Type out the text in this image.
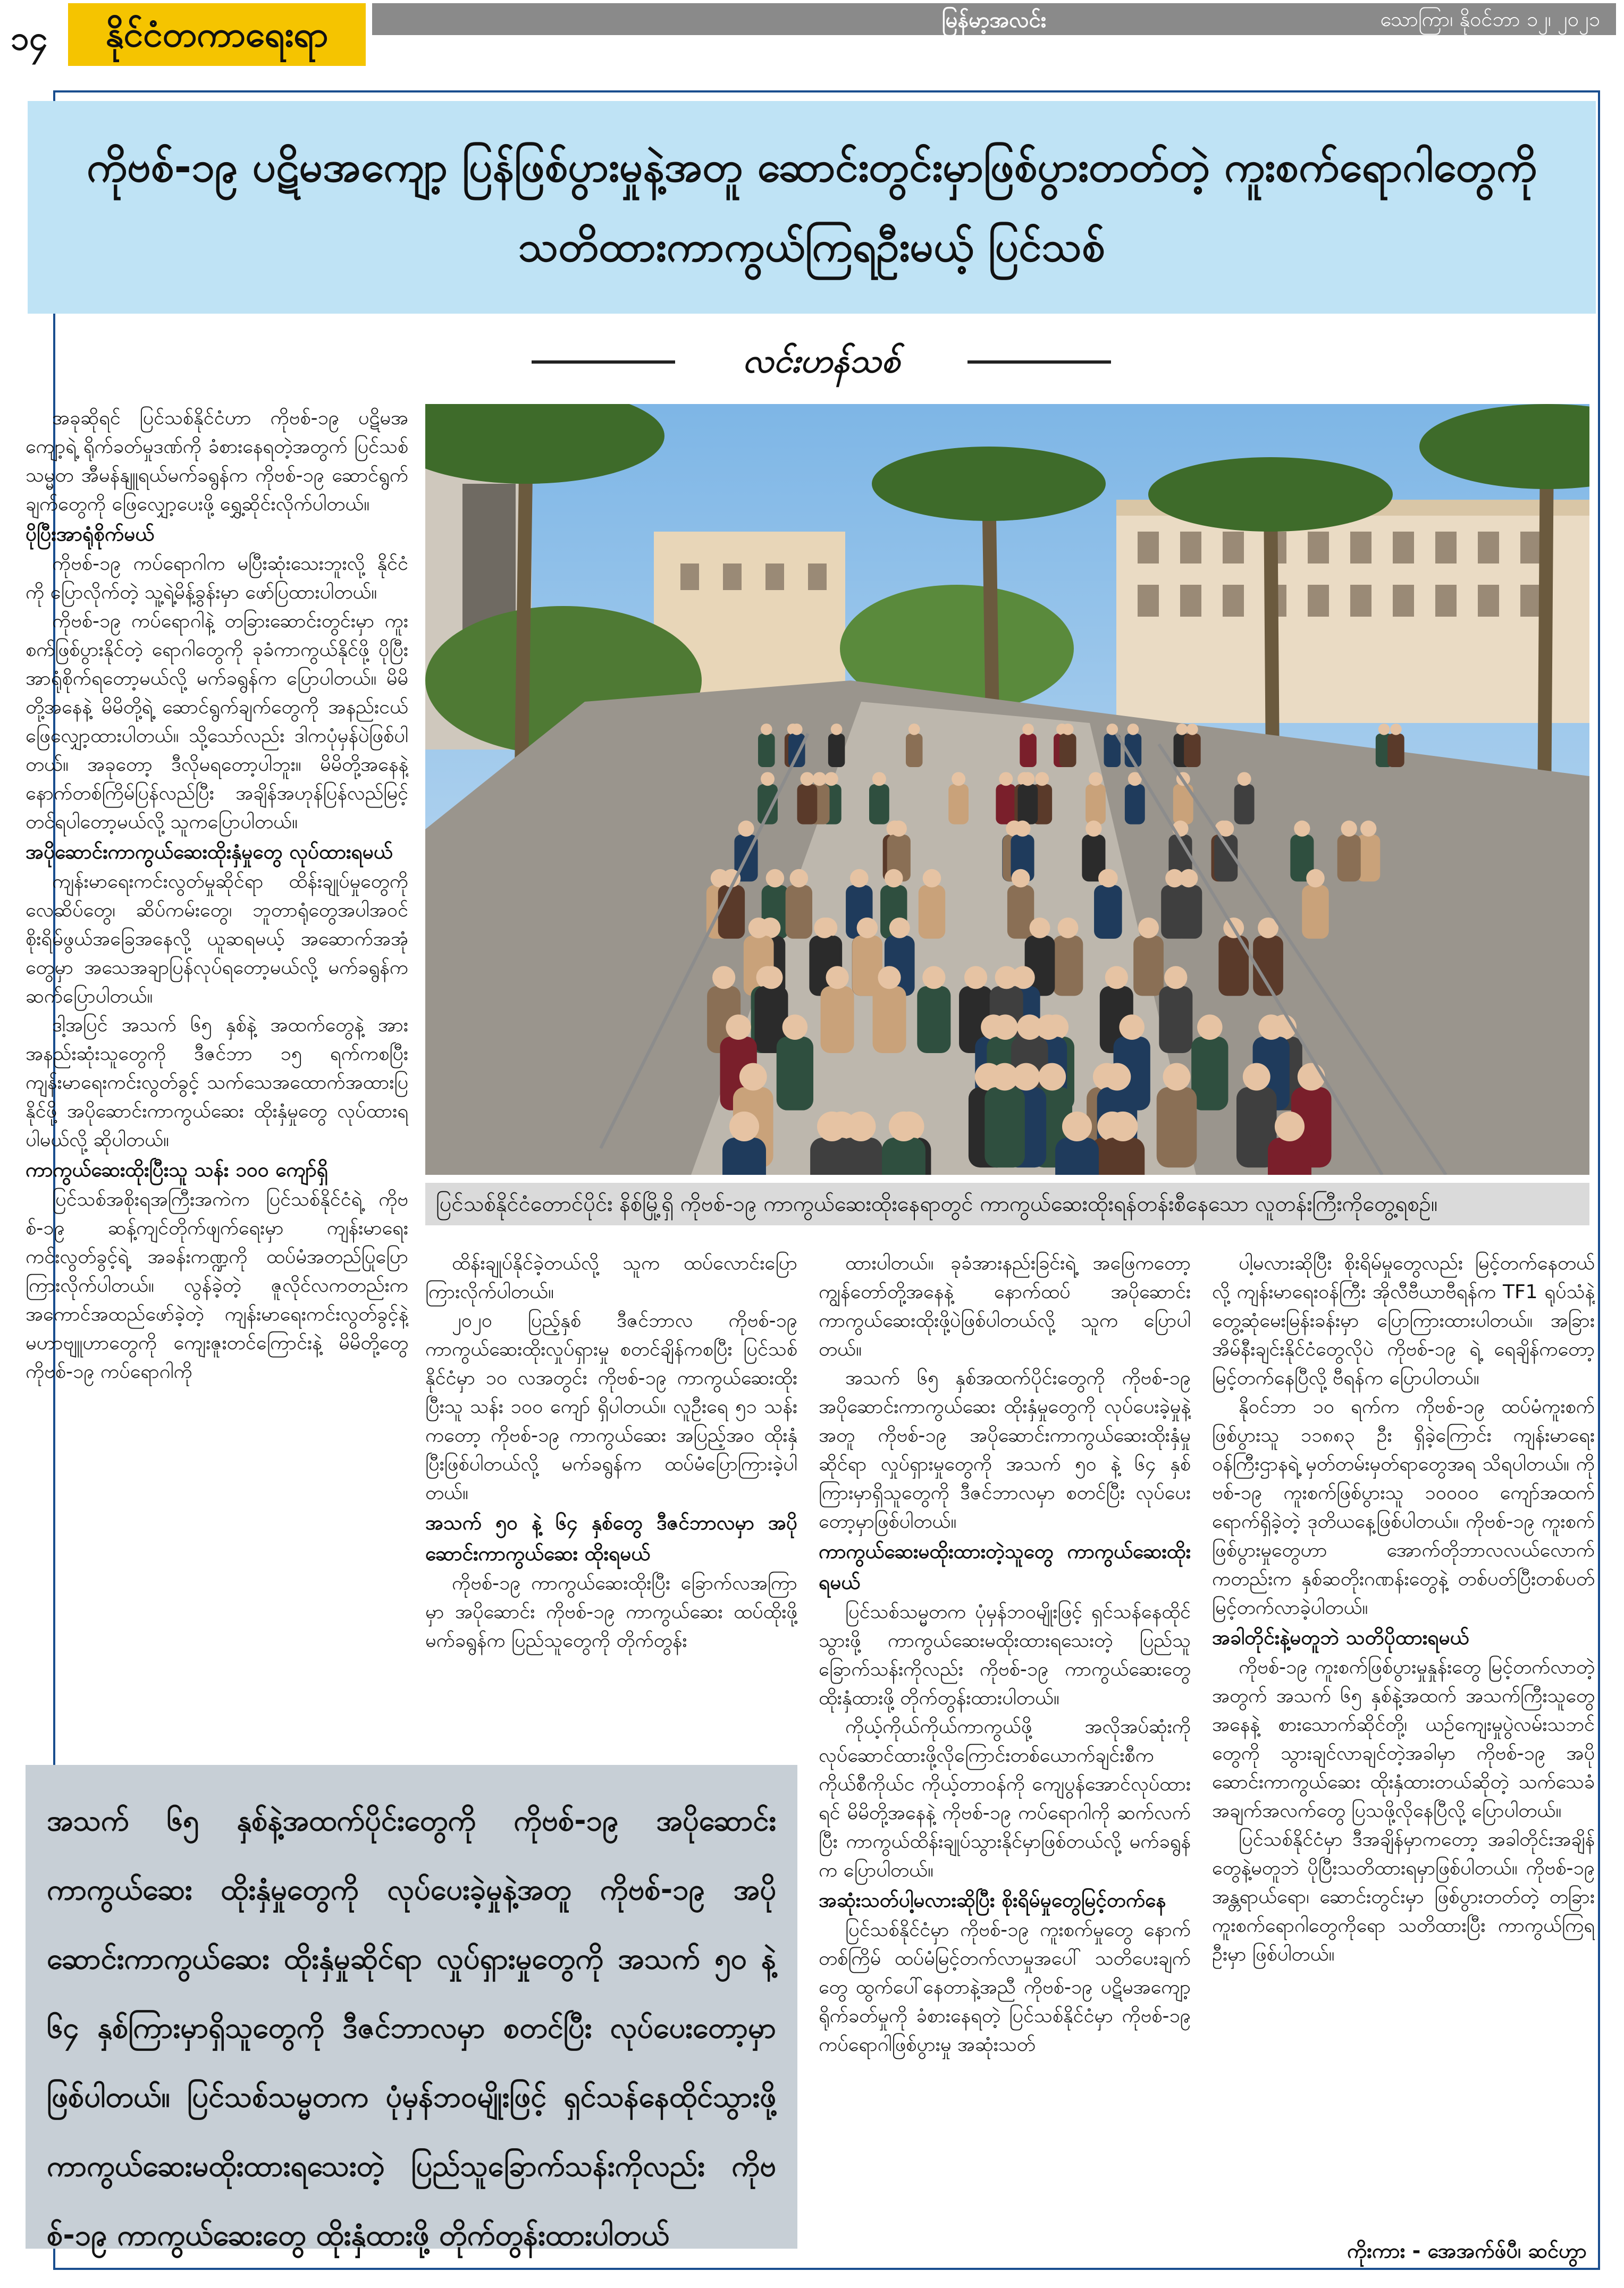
၁၄	နိုင်ငံတကာရေးရာ	မြန်မာ့အလင်း	သောကြာ၊ နိုဝင်ဘာ ၁၂၊ ၂၀၂၁
ကိုဗစ်-၁၉ ပဋိမအကျော့ ပြန်ဖြစ်ပွားမှုနဲ့အတူ ဆောင်းတွင်းမှာဖြစ်ပွားတတ်တဲ့ ကူးစက်ရောဂါတွေကို
သတိထားကာကွယ်ကြရဦးမယ့် ပြင်သစ်
လင်းဟန်သစ်
ပြင်သစ်နိုင်ငံတောင်ပိုင်း နိစ်မြို့ရှိ ကိုဗစ်-၁၉ ကာကွယ်ဆေးထိုးနေရာတွင် ကာကွယ်ဆေးထိုးရန်တန်းစီနေသော လူတန်းကြီးကိုတွေ့ရစဉ်။

အခုဆိုရင် ပြင်သစ်နိုင်ငံဟာ ကိုဗစ်-၁၉ ပဋိမအကျော့ရဲ့ ရိုက်ခတ်မှုဒဏ်ကို ခံစားနေရတဲ့အတွက် ပြင်သစ်သမ္မတ အီမန်နျူရယ်မက်ခရွန်က ကိုဗစ်-၁၉ ဆောင်ရွက်ချက်တွေကို ဖြေလျှော့ပေးဖို့ ရွှေ့ဆိုင်းလိုက်ပါတယ်။

ပိုပြီးအာရုံစိုက်မယ်

ကိုဗစ်-၁၉ ကပ်ရောဂါက မပြီးဆုံးသေးဘူးလို့ နိုင်ငံကို ပြောလိုက်တဲ့ သူ့ရဲ့မိန့်ခွန်းမှာ ဖော်ပြထားပါတယ်။

ကိုဗစ်-၁၉ ကပ်ရောဂါနဲ့ တခြားဆောင်းတွင်းမှာ ကူးစက်ဖြစ်ပွားနိုင်တဲ့ ရောဂါတွေကို ခုခံကာကွယ်နိုင်ဖို့ ပိုပြီး အာရုံစိုက်ရတော့မယ်လို့ မက်ခရွန်က ပြောပါတယ်။ မိမိတို့အနေနဲ့ မိမိတို့ရဲ့ ဆောင်ရွက်ချက်တွေကို အနည်းငယ်ဖြေလျှော့ထားပါတယ်။ သို့သော်လည်း ဒါကပုံမှန်ပဲဖြစ်ပါတယ်။ အခုတော့ ဒီလိုမရတော့ပါဘူး။ မိမိတို့အနေနဲ့ နောက်တစ်ကြိမ်ပြန်လည်ပြီး အချိန်အဟုန်ပြန်လည်မြင့်တင်ရပါတော့မယ်လို့ သူကပြောပါတယ်။

အပိုဆောင်းကာကွယ်ဆေးထိုးနှံမှုတွေ လုပ်ထားရမယ်

ကျန်းမာရေးကင်းလွတ်မှုဆိုင်ရာ ထိန်းချုပ်မှုတွေကို လေဆိပ်တွေ၊ ဆိပ်ကမ်းတွေ၊ ဘူတာရုံတွေအပါအဝင် စိုးရိမ်ဖွယ်အခြေအနေလို့ ယူဆရမယ့် အဆောက်အအုံတွေမှာ အသေအချာပြန်လုပ်ရတော့မယ်လို့ မက်ခရွန်က ဆက်ပြောပါတယ်။

ဒါ့အပြင် အသက် ၆၅ နှစ်နဲ့ အထက်တွေနဲ့ အားအနည်းဆုံးသူတွေကို ဒီဇင်ဘာ ၁၅ ရက်ကစပြီး ကျန်းမာရေးကင်းလွတ်ခွင့် သက်သေအထောက်အထားပြနိုင်ဖို့ အပိုဆောင်းကာကွယ်ဆေး ထိုးနှံမှုတွေ လုပ်ထားရပါမယ်လို့ ဆိုပါတယ်။

ကာကွယ်ဆေးထိုးပြီးသူ သန်း ၁၀၀ ကျော်ရှိ

ပြင်သစ်အစိုးရအကြီးအကဲက ပြင်သစ်နိုင်ငံရဲ့ ကိုဗစ်-၁၉ ဆန့်ကျင်တိုက်ဖျက်ရေးမှာ ကျန်းမာရေးကင်းလွတ်ခွင့်ရဲ့ အခန်းကဏ္ဍကို ထပ်မံအတည်ပြုပြောကြားလိုက်ပါတယ်။ လွန်ခဲ့တဲ့ ဇူလိုင်လကတည်းက အကောင်အထည်ဖော်ခဲ့တဲ့ ကျန်းမာရေးကင်းလွတ်ခွင့်နဲ့ မဟာဗျူဟာတွေကို ကျေးဇူးတင်ကြောင်းနဲ့ မိမိတို့တွေ ကိုဗစ်-၁၉ ကပ်ရောဂါကို

ထိန်းချုပ်နိုင်ခဲ့တယ်လို့ သူက ထပ်လောင်းပြောကြားလိုက်ပါတယ်။

၂၀၂၀ ပြည့်နှစ် ဒီဇင်ဘာလ ကိုဗစ်-၁၉ ကာကွယ်ဆေးထိုးလှုပ်ရှားမှု စတင်ချိန်ကစပြီး ပြင်သစ်နိုင်ငံမှာ ၁၀ လအတွင်း ကိုဗစ်-၁၉ ကာကွယ်ဆေးထိုးပြီးသူ သန်း ၁၀၀ ကျော် ရှိပါတယ်။ လူဦးရေ ၅၁ သန်းကတော့ ကိုဗစ်-၁၉ ကာကွယ်ဆေး အပြည့်အဝ ထိုးနှံပြီးဖြစ်ပါတယ်လို့ မက်ခရွန်က ထပ်မံပြောကြားခဲ့ပါတယ်။

အသက် ၅၀ နဲ့ ၆၄ နှစ်တွေ ဒီဇင်ဘာလမှာ အပိုဆောင်းကာကွယ်ဆေး ထိုးရမယ်

ကိုဗစ်-၁၉ ကာကွယ်ဆေးထိုးပြီး ခြောက်လအကြာမှာ အပိုဆောင်း ကိုဗစ်-၁၉ ကာကွယ်ဆေး ထပ်ထိုးဖို့ မက်ခရွန်က ပြည်သူတွေကို တိုက်တွန်း

ထားပါတယ်။ ခုခံအားနည်းခြင်းရဲ့ အဖြေကတော့ ကျွန်တော်တို့အနေနဲ့ နောက်ထပ် အပိုဆောင်းကာကွယ်ဆေးထိုးဖို့ပဲဖြစ်ပါတယ်လို့ သူက ပြောပါတယ်။

အသက် ၆၅ နှစ်အထက်ပိုင်းတွေကို ကိုဗစ်-၁၉ အပိုဆောင်းကာကွယ်ဆေး ထိုးနှံမှုတွေကို လုပ်ပေးခဲ့မှုနဲ့အတူ ကိုဗစ်-၁၉ အပိုဆောင်းကာကွယ်ဆေးထိုးနှံမှုဆိုင်ရာ လှုပ်ရှားမှုတွေကို အသက် ၅၀ နဲ့ ၆၄ နှစ်ကြားမှာရှိသူတွေကို ဒီဇင်ဘာလမှာ စတင်ပြီး လုပ်ပေးတော့မှာဖြစ်ပါတယ်။

ကာကွယ်ဆေးမထိုးထားတဲ့သူတွေ ကာကွယ်ဆေးထိုးရမယ်

ပြင်သစ်သမ္မတက ပုံမှန်ဘဝမျိုးဖြင့် ရှင်သန်နေထိုင်သွားဖို့ ကာကွယ်ဆေးမထိုးထားရသေးတဲ့ ပြည်သူခြောက်သန်းကိုလည်း ကိုဗစ်-၁၉ ကာကွယ်ဆေးတွေ ထိုးနှံထားဖို့ တိုက်တွန်းထားပါတယ်။

ကိုယ့်ကိုယ်ကိုယ်ကာကွယ်ဖို့ အလိုအပ်ဆုံးကို လုပ်ဆောင်ထားဖို့လိုကြောင်းတစ်ယောက်ချင်းစီက ကိုယ်စီကိုယ်င ကိုယ့်တာဝန်ကို ကျေပွန်အောင်လုပ်ထားရင် မိမိတို့အနေနဲ့ ကိုဗစ်-၁၉ ကပ်ရောဂါကို ဆက်လက်ပြီး ကာကွယ်ထိန်းချုပ်သွားနိုင်မှာဖြစ်တယ်လို့ မက်ခရွန်က ပြောပါတယ်။

အဆုံးသတ်ပါ့မလားဆိုပြီး စိုးရိမ်မှုတွေမြင့်တက်နေ

ပြင်သစ်နိုင်ငံမှာ ကိုဗစ်-၁၉ ကူးစက်မှုတွေ နောက်တစ်ကြိမ် ထပ်မံမြင့်တက်လာမှုအပေါ် သတိပေးချက်တွေ ထွက်ပေါ်နေတာနဲ့အညီ ကိုဗစ်-၁၉ ပဋိမအကျော့ရိုက်ခတ်မှုကို ခံစားနေရတဲ့ ပြင်သစ်နိုင်ငံမှာ ကိုဗစ်-၁၉ ကပ်ရောဂါဖြစ်ပွားမှု အဆုံးသတ်

ပါ့မလားဆိုပြီး စိုးရိမ်မှုတွေလည်း မြင့်တက်နေတယ်လို့ ကျန်းမာရေးဝန်ကြီး အိုလီဗီယာဗီရန်က TF1 ရုပ်သံနဲ့ တွေ့ဆုံမေးမြန်းခန်းမှာ ပြောကြားထားပါတယ်။ အခြား အိမ်နီးချင်းနိုင်ငံတွေလိုပဲ ကိုဗစ်-၁၉ ရဲ့ ရေချိန်ကတော့ မြင့်တက်နေပြီလို့ ဗီရန်က ပြောပါတယ်။

နိုဝင်ဘာ ၁၀ ရက်က ကိုဗစ်-၁၉ ထပ်မံကူးစက်ဖြစ်ပွားသူ ၁၁၈၈၃ ဦး ရှိခဲ့ကြောင်း ကျန်းမာရေးဝန်ကြီးဌာနရဲ့ မှတ်တမ်းမှတ်ရာတွေအရ သိရပါတယ်။ ကိုဗစ်-၁၉ ကူးစက်ဖြစ်ပွားသူ ၁၀၀၀၀ ကျော်အထက် ရောက်ရှိခဲ့တဲ့ ဒုတိယနေ့ဖြစ်ပါတယ်။ ကိုဗစ်-၁၉ ကူးစက်ဖြစ်ပွားမှုတွေဟာ အောက်တိုဘာလလယ်လောက်ကတည်းက နှစ်ဆတိုးဂဏန်းတွေနဲ့ တစ်ပတ်ပြီးတစ်ပတ် မြင့်တက်လာခဲ့ပါတယ်။

အခါတိုင်းနဲ့မတူဘဲ သတိပိုထားရမယ်

ကိုဗစ်-၁၉ ကူးစက်ဖြစ်ပွားမှုနှုန်းတွေ မြင့်တက်လာတဲ့အတွက် အသက် ၆၅ နှစ်နဲ့အထက် အသက်ကြီးသူတွေအနေနဲ့ စားသောက်ဆိုင်တို့၊ ယဉ်ကျေးမှုပွဲလမ်းသဘင်တွေကို သွားချင်လာချင်တဲ့အခါမှာ ကိုဗစ်-၁၉ အပိုဆောင်းကာကွယ်ဆေး ထိုးနှံထားတယ်ဆိုတဲ့ သက်သေခံအချက်အလက်တွေ ပြသဖို့လိုနေပြီလို့ ပြောပါတယ်။

ပြင်သစ်နိုင်ငံမှာ ဒီအချိန်မှာကတော့ အခါတိုင်းအချိန်တွေနဲ့မတူဘဲ ပိုပြီးသတိထားရမှာဖြစ်ပါတယ်။ ကိုဗစ်-၁၉ အန္တရာယ်ရော၊ ဆောင်းတွင်းမှာ ဖြစ်ပွားတတ်တဲ့ တခြားကူးစက်ရောဂါတွေကိုရော သတိထားပြီး ကာကွယ်ကြရဦးမှာ ဖြစ်ပါတယ်။

အသက် ၆၅ နှစ်နဲ့အထက်ပိုင်းတွေကို ကိုဗစ်-၁၉ အပိုဆောင်းကာကွယ်ဆေး ထိုးနှံမှုတွေကို လုပ်ပေးခဲ့မှုနဲ့အတူ ကိုဗစ်-၁၉ အပိုဆောင်းကာကွယ်ဆေး ထိုးနှံမှုဆိုင်ရာ လှုပ်ရှားမှုတွေကို အသက် ၅၀ နဲ့ ၆၄ နှစ်ကြားမှာရှိသူတွေကို ဒီဇင်ဘာလမှာ စတင်ပြီး လုပ်ပေးတော့မှာဖြစ်ပါတယ်။ ပြင်သစ်သမ္မတက ပုံမှန်ဘဝမျိုးဖြင့် ရှင်သန်နေထိုင်သွားဖို့ ကာကွယ်ဆေးမထိုးထားရသေးတဲ့ ပြည်သူခြောက်သန်းကိုလည်း ကိုဗစ်-၁၉ ကာကွယ်ဆေးတွေ ထိုးနှံထားဖို့ တိုက်တွန်းထားပါတယ်	ကိုးကား - အေအက်ဖ်ပီ၊ ဆင်ဟွာ
